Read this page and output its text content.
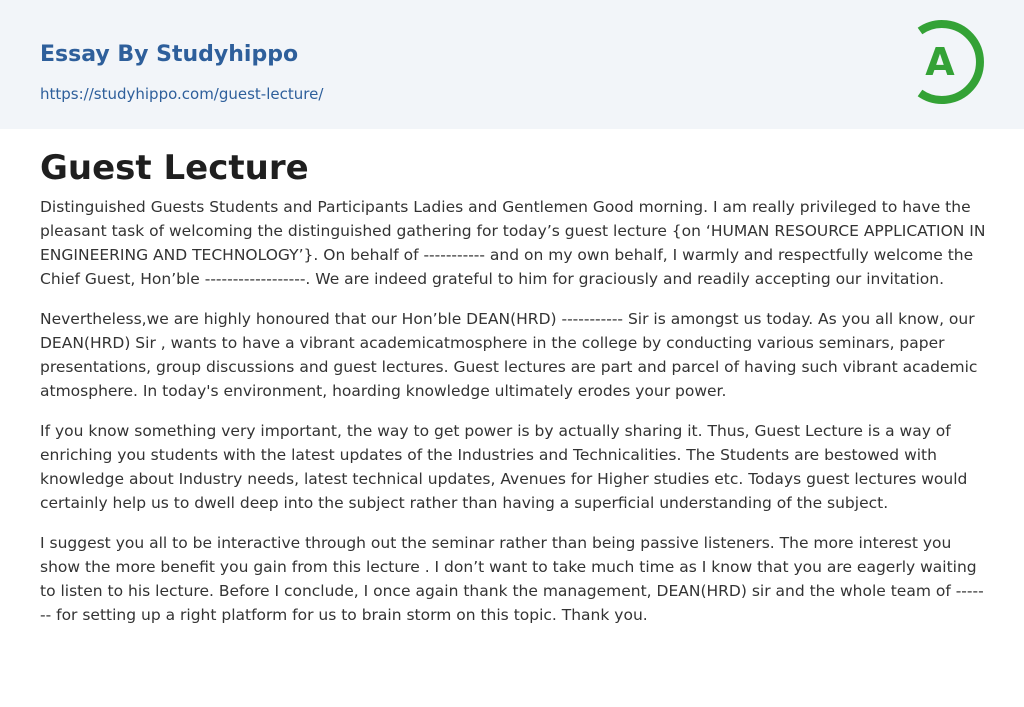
Essay By Studyhippo
https://studyhippo.com/guest-lecture/
A
Guest Lecture

Distinguished Guests Students and Participants Ladies and Gentlemen Good morning. I am really privileged to have the pleasant task of welcoming the distinguished gathering for today’s guest lecture {on ‘HUMAN RESOURCE APPLICATION IN ENGINEERING AND TECHNOLOGY’}. On behalf of ----------- and on my own behalf, I warmly and respectfully welcome the Chief Guest, Hon’ble ------------------. We are indeed grateful to him for graciously and readily accepting our invitation.

Nevertheless,we are highly honoured that our Hon’ble DEAN(HRD) ----------- Sir is amongst us today. As you all know, our DEAN(HRD) Sir , wants to have a vibrant academicatmosphere in the college by conducting various seminars, paper presentations, group discussions and guest lectures. Guest lectures are part and parcel of having such vibrant academic atmosphere. In today's environment, hoarding knowledge ultimately erodes your power.

If you know something very important, the way to get power is by actually sharing it. Thus, Guest Lecture is a way of enriching you students with the latest updates of the Industries and Technicalities. The Students are bestowed with knowledge about Industry needs, latest technical updates, Avenues for Higher studies etc. Todays guest lectures would certainly help us to dwell deep into the subject rather than having a superficial understanding of the subject.

I suggest you all to be interactive through out the seminar rather than being passive listeners. The more interest you show the more benefit you gain from this lecture . I don’t want to take much time as I know that you are eagerly waiting to listen to his lecture. Before I conclude, I once again thank the management, DEAN(HRD) sir and the whole team of ------- for setting up a right platform for us to brain storm on this topic. Thank you.
